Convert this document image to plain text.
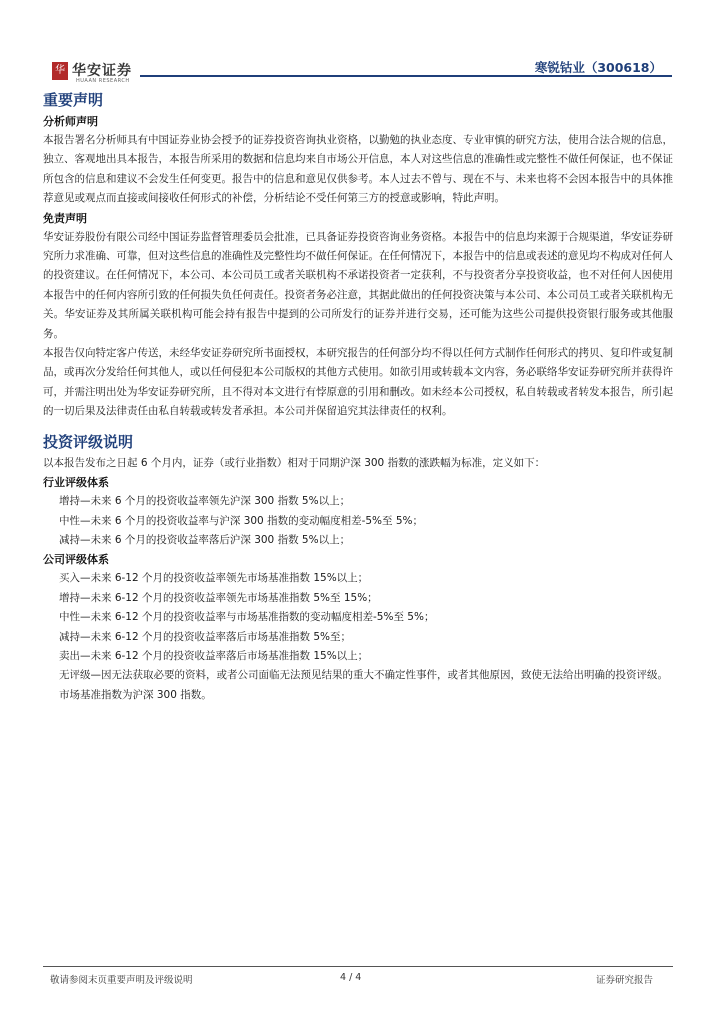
华 华安证券
HUAAN RESEARCH
寒锐钴业（300618）
重要声明
分析师声明

本报告署名分析师具有中国证券业协会授予的证券投资咨询执业资格，以勤勉的执业态度、专业审慎的研究方法，使用合法合规的信息，独立、客观地出具本报告，本报告所采用的数据和信息均来自市场公开信息，本人对这些信息的准确性或完整性不做任何保证，也不保证所包含的信息和建议不会发生任何变更。报告中的信息和意见仅供参考。本人过去不曾与、现在不与、未来也将不会因本报告中的具体推荐意见或观点而直接或间接收任何形式的补偿，分析结论不受任何第三方的授意或影响，特此声明。

免责声明

华安证券股份有限公司经中国证券监督管理委员会批准，已具备证券投资咨询业务资格。本报告中的信息均来源于合规渠道，华安证券研究所力求准确、可靠，但对这些信息的准确性及完整性均不做任何保证。在任何情况下，本报告中的信息或表述的意见均不构成对任何人的投资建议。在任何情况下，本公司、本公司员工或者关联机构不承诺投资者一定获利，不与投资者分享投资收益，也不对任何人因使用本报告中的任何内容所引致的任何损失负任何责任。投资者务必注意，其据此做出的任何投资决策与本公司、本公司员工或者关联机构无关。华安证券及其所属关联机构可能会持有报告中提到的公司所发行的证券并进行交易，还可能为这些公司提供投资银行服务或其他服务。

本报告仅向特定客户传送，未经华安证券研究所书面授权，本研究报告的任何部分均不得以任何方式制作任何形式的拷贝、复印件或复制品，或再次分发给任何其他人，或以任何侵犯本公司版权的其他方式使用。如欲引用或转载本文内容，务必联络华安证券研究所并获得许可，并需注明出处为华安证券研究所，且不得对本文进行有悖原意的引用和删改。如未经本公司授权，私自转载或者转发本报告，所引起的一切后果及法律责任由私自转载或转发者承担。本公司并保留追究其法律责任的权利。

投资评级说明

以本报告发布之日起 6 个月内，证券（或行业指数）相对于同期沪深 300 指数的涨跌幅为标准，定义如下：

行业评级体系

增持—未来 6 个月的投资收益率领先沪深 300 指数 5%以上；

中性—未来 6 个月的投资收益率与沪深 300 指数的变动幅度相差-5%至 5%；

减持—未来 6 个月的投资收益率落后沪深 300 指数 5%以上；

公司评级体系

买入—未来 6-12 个月的投资收益率领先市场基准指数 15%以上；

增持—未来 6-12 个月的投资收益率领先市场基准指数 5%至 15%；

中性—未来 6-12 个月的投资收益率与市场基准指数的变动幅度相差-5%至 5%；

减持—未来 6-12 个月的投资收益率落后市场基准指数 5%至；

卖出—未来 6-12 个月的投资收益率落后市场基准指数 15%以上；

无评级—因无法获取必要的资料，或者公司面临无法预见结果的重大不确定性事件，或者其他原因，致使无法给出明确的投资评级。市场基准指数为沪深 300 指数。

敬请参阅末页重要声明及评级说明	4 / 4	证券研究报告
